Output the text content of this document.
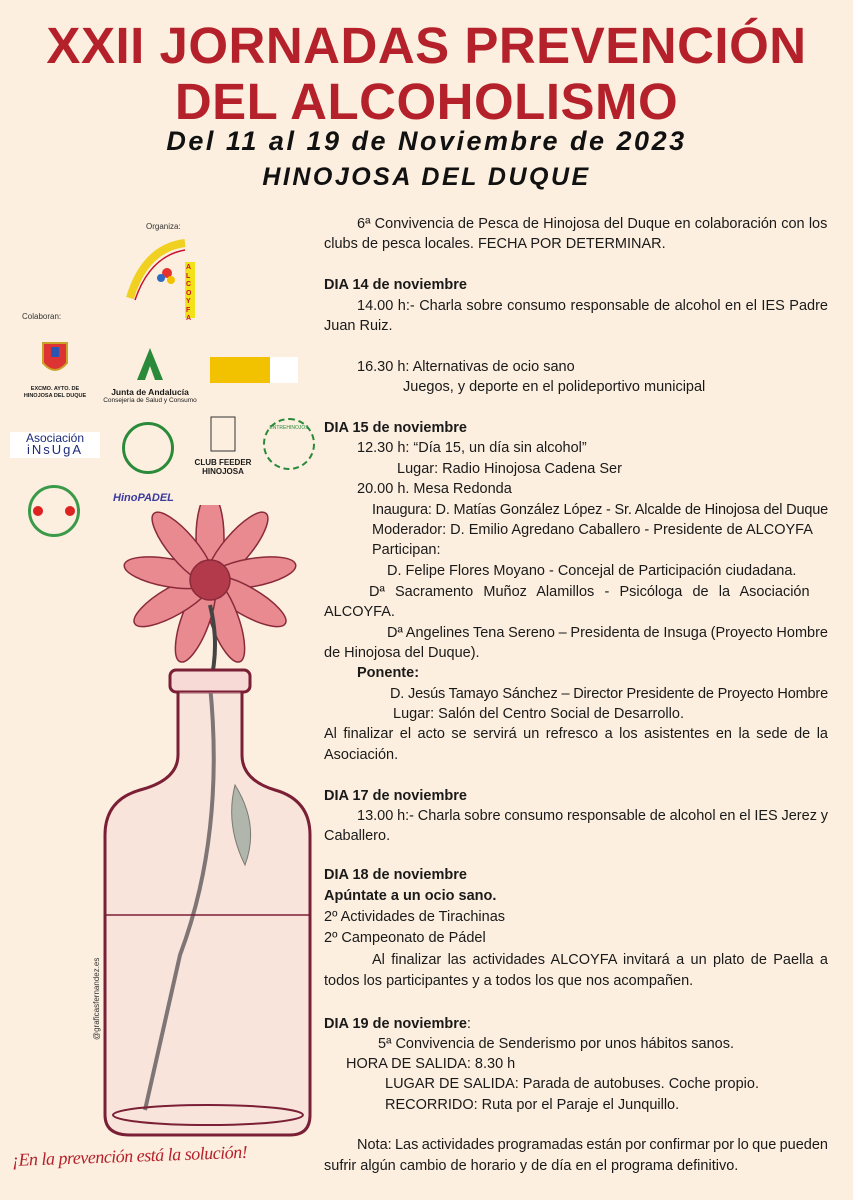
XXII JORNADAS PREVENCIÓN
DEL ALCOHOLISMO
Del 11 al 19 de Noviembre de 2023
HINOJOSA DEL DUQUE
Organiza:
ALCOYFA
Colaboran:
EXCMO. AYTO. DE HINOJOSA DEL DUQUE	Junta de Andalucía
Consejería de Salud y Consumo
Asociación
iNsUgA
CLUB FEEDER HINOJOSA
ENTREHINOJOS
HinoPADEL
@graficasfernandez.es
¡En la prevención está la solución!
6ª Convivencia de Pesca de Hinojosa del Duque en colaboración con los
clubs de pesca locales. FECHA POR DETERMINAR.
DIA 14 de noviembre
14.00 h:- Charla sobre consumo responsable de alcohol en el IES Padre
Juan Ruiz.
16.30 h: Alternativas de ocio sano
Juegos, y deporte en el polideportivo municipal
DIA 15 de noviembre
12.30 h: “Día 15, un día sin alcohol”
Lugar: Radio Hinojosa Cadena Ser
20.00 h. Mesa Redonda
Inaugura: D. Matías González López - Sr. Alcalde de Hinojosa del Duque
Moderador: D. Emilio Agredano Caballero - Presidente de ALCOYFA
Participan:
D. Felipe Flores Moyano - Concejal de Participación ciudadana.
Dª Sacramento Muñoz Alamillos - Psicóloga de la Asociación
ALCOYFA.
Dª Angelines Tena Sereno – Presidenta de Insuga (Proyecto Hombre
de Hinojosa del Duque).
Ponente:
D. Jesús Tamayo Sánchez – Director Presidente de Proyecto Hombre
Lugar: Salón del Centro Social de Desarrollo.
Al finalizar el acto se servirá un refresco a los asistentes en la sede de la
Asociación.
DIA 17 de noviembre
13.00 h:- Charla sobre consumo responsable de alcohol en el IES Jerez y
Caballero.
DIA 18 de noviembre
Apúntate a un ocio sano.
2º Actividades de Tirachinas
2º Campeonato de Pádel
Al finalizar las actividades ALCOYFA invitará a un plato de Paella a
todos los participantes y a todos los que nos acompañen.
DIA 19 de noviembre:
5ª Convivencia de Senderismo por unos hábitos sanos.
HORA DE SALIDA: 8.30 h
LUGAR DE SALIDA: Parada de autobuses. Coche propio.
RECORRIDO: Ruta por el Paraje el Junquillo.
Nota: Las actividades programadas están por confirmar por lo que pueden
sufrir algún cambio de horario y de día en el programa definitivo.
